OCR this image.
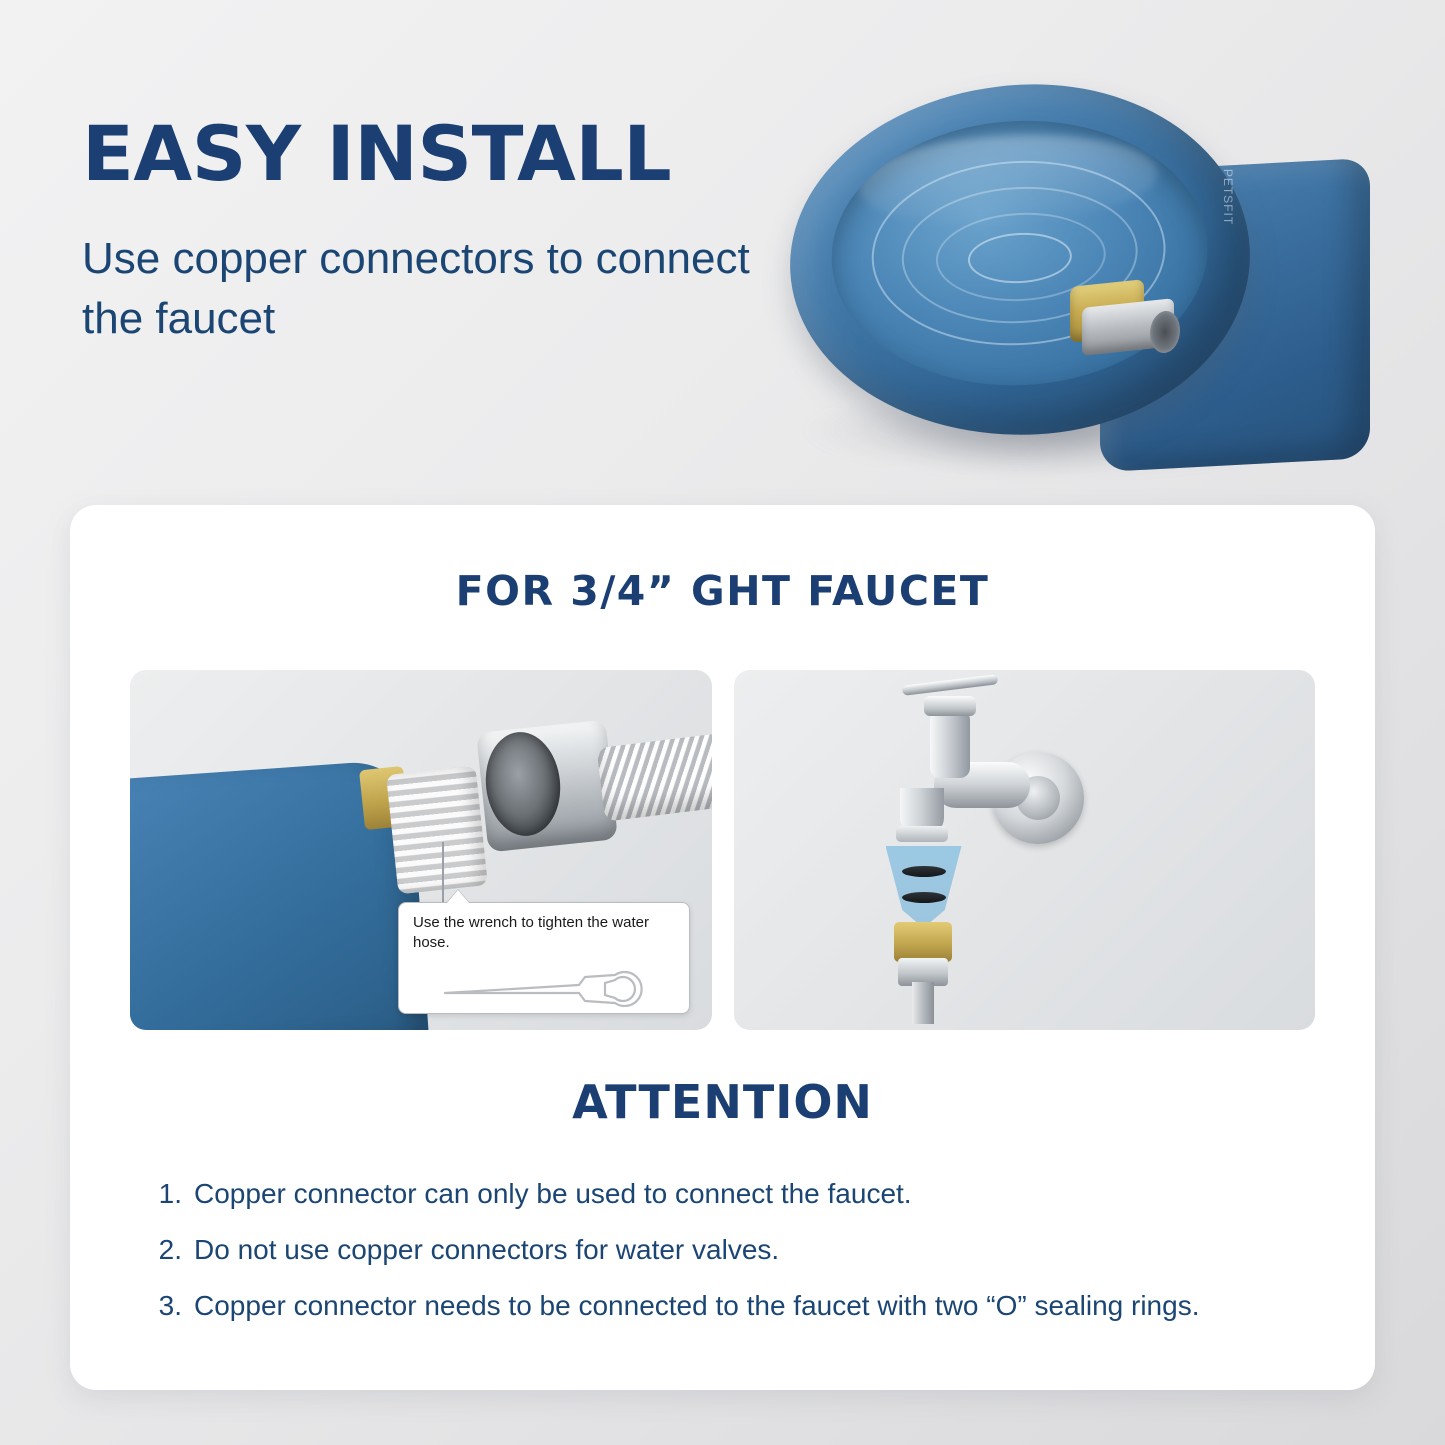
EASY INSTALL
Use copper connectors to connect the faucet
PETSFIT
FOR 3/4” GHT FAUCET
Use the wrench to tighten the water hose.
ATTENTION
1. Copper connector can only be used to connect the faucet.
2. Do not use copper connectors for water valves.
3. Copper connector needs to be connected to the faucet with two “O” sealing rings.
